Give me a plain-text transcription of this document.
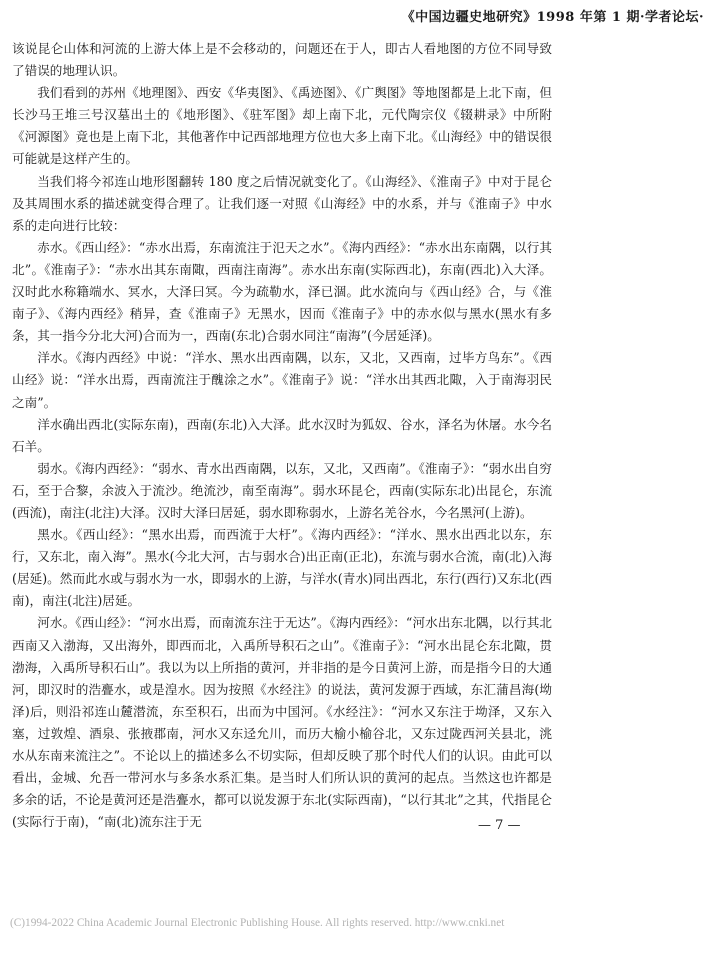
《中国边疆史地研究》1998 年第 1 期·学者论坛·

该说昆仑山体和河流的上游大体上是不会移动的，问题还在于人，即古人看地图的方位不同导致了错误的地理认识。

我们看到的苏州《地理图》、西安《华夷图》、《禹迹图》、《广舆图》等地图都是上北下南，但长沙马王堆三号汉墓出土的《地形图》、《驻军图》却上南下北，元代陶宗仪《辍耕录》中所附《河源图》竟也是上南下北，其他著作中记西部地理方位也大多上南下北。《山海经》中的错误很可能就是这样产生的。

当我们将今祁连山地形图翻转 180 度之后情况就变化了。《山海经》、《淮南子》中对于昆仑及其周围水系的描述就变得合理了。让我们逐一对照《山海经》中的水系，并与《淮南子》中水系的走向进行比较：

赤水。《西山经》：“赤水出焉，东南流注于氾天之水”。《海内西经》：“赤水出东南隅，以行其北”。《淮南子》：“赤水出其东南陬，西南注南海”。赤水出东南(实际西北)，东南(西北)入大泽。汉时此水称籍端水、冥水，大泽曰冥。今为疏勒水，泽已涸。此水流向与《西山经》合，与《淮南子》、《海内西经》稍异，查《淮南子》无黑水，因而《淮南子》中的赤水似与黑水(黑水有多条，其一指今分北大河)合而为一，西南(东北)合弱水同注“南海”(今居延泽)。

洋水。《海内西经》中说：“洋水、黑水出西南隅，以东，又北，又西南，过毕方鸟东”。《西山经》说：“洋水出焉，西南流注于醜涂之水”。《淮南子》说：“洋水出其西北陬，入于南海羽民之南”。

洋水确出西北(实际东南)，西南(东北)入大泽。此水汉时为狐奴、谷水，泽名为休屠。水今名石羊。

弱水。《海内西经》：“弱水、青水出西南隅，以东，又北，又西南”。《淮南子》：“弱水出自穷石，至于合黎，余波入于流沙。绝流沙，南至南海”。弱水环昆仑，西南(实际东北)出昆仑，东流(西流)，南注(北注)大泽。汉时大泽曰居延，弱水即称弱水，上游名羌谷水，今名黑河(上游)。

黑水。《西山经》：“黑水出焉，而西流于大杅”。《海内西经》：“洋水、黑水出西北以东，东行，又东北，南入海”。黑水(今北大河，古与弱水合)出正南(正北)，东流与弱水合流，南(北)入海(居延)。然而此水或与弱水为一水，即弱水的上游，与洋水(青水)同出西北，东行(西行)又东北(西南)，南注(北注)居延。

河水。《西山经》：“河水出焉，而南流东注于无达”。《海内西经》：“河水出东北隅，以行其北西南又入渤海，又出海外，即西而北，入禹所导积石之山”。《淮南子》：“河水出昆仑东北陬，贯渤海，入禹所导积石山”。我以为以上所指的黄河，并非指的是今日黄河上游，而是指今日的大通河，即汉时的浩亹水，或是湟水。因为按照《水经注》的说法，黄河发源于西域，东汇蒲昌海(坳泽)后，则沿祁连山麓潜流，东至积石，出而为中国河。《水经注》：“河水又东注于坳泽，又东入塞，过敦煌、酒泉、张掖郡南，河水又东迳允川，而历大榆小榆谷北，又东过陇西河关县北，洮水从东南来流注之”。不论以上的描述多么不切实际，但却反映了那个时代人们的认识。由此可以看出，金城、允吾一带河水与多条水系汇集。是当时人们所认识的黄河的起点。当然这也许都是多余的话，不论是黄河还是浩亹水，都可以说发源于东北(实际西南)，“以行其北”之其，代指昆仑(实际行于南)，“南(北)流东注于无	— 7 —
(C)1994-2022 China Academic Journal Electronic Publishing House. All rights reserved. http://www.cnki.net
